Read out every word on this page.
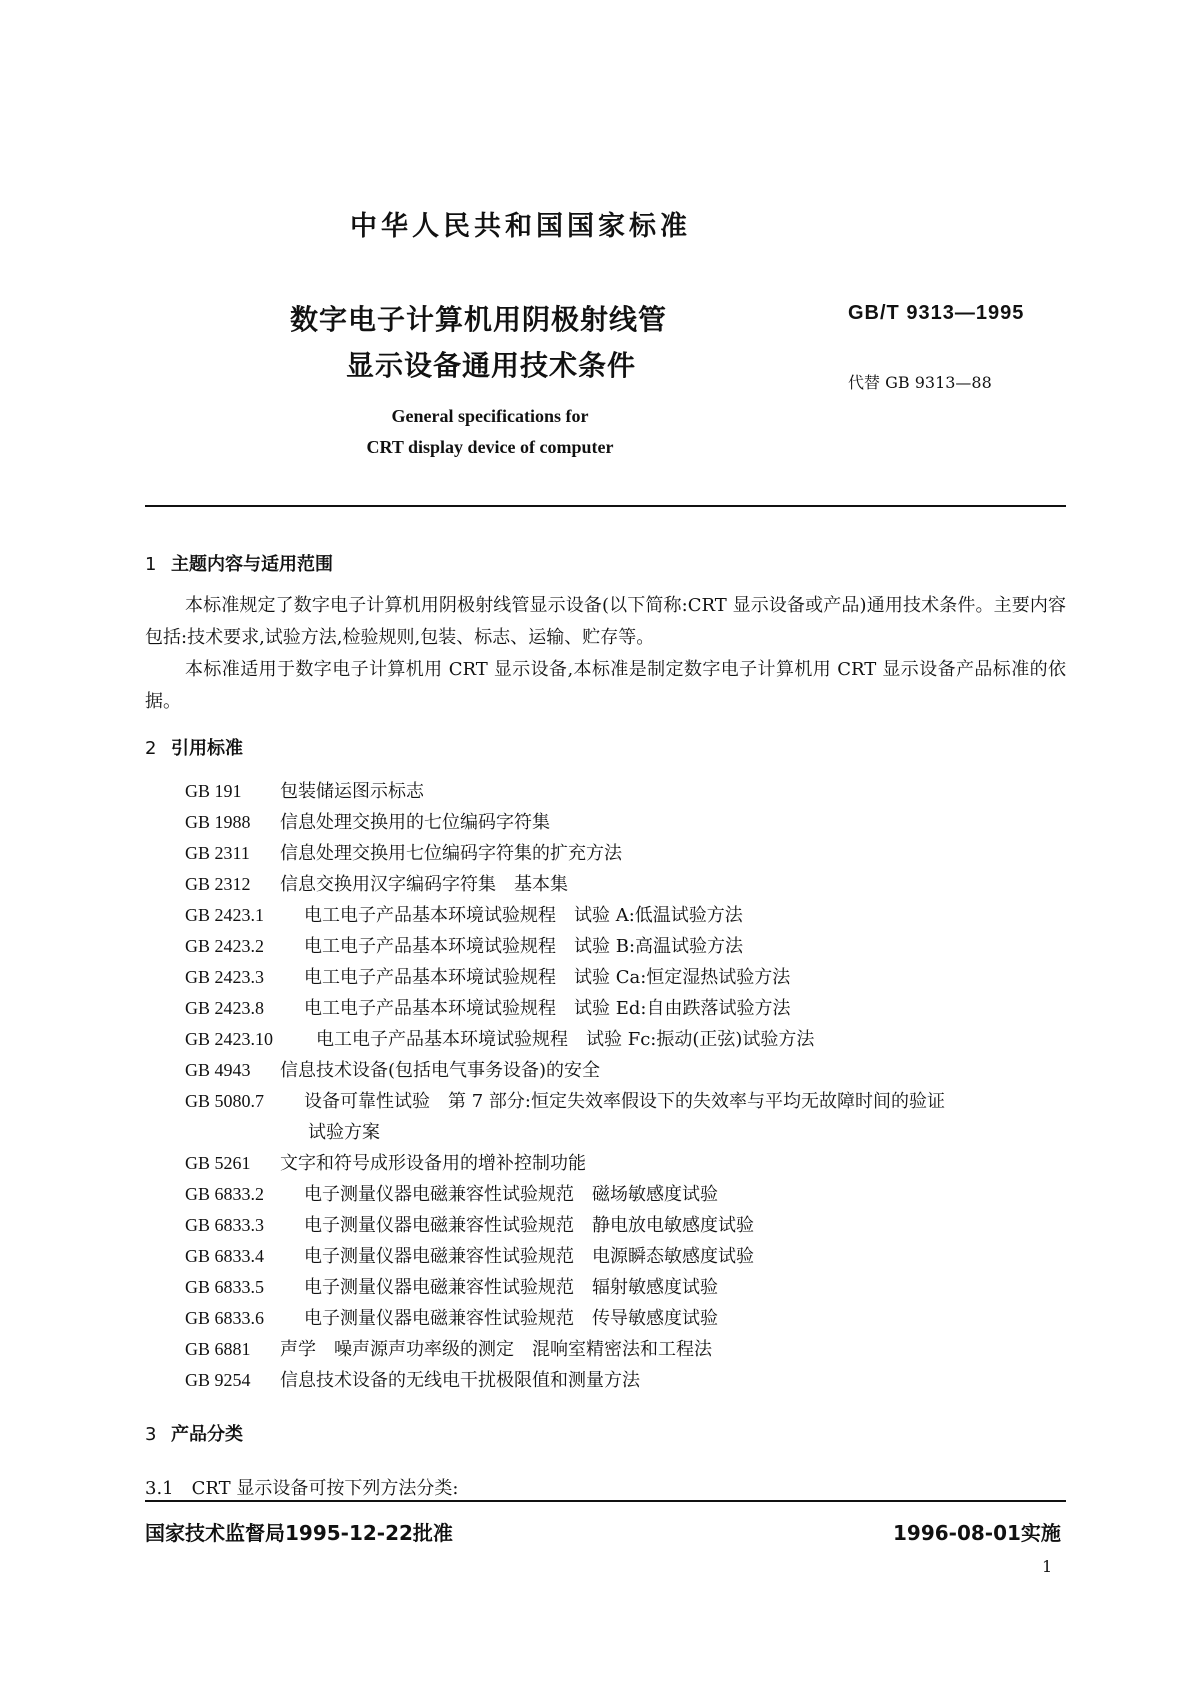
中华人民共和国国家标准
数字电子计算机用阴极射线管
显示设备通用技术条件
GB/T 9313—1995
代替 GB 9313—88
General specifications for
CRT display device of computer
1 主题内容与适用范围
本标准规定了数字电子计算机用阴极射线管显示设备(以下简称:CRT 显示设备或产品)通用技术条件。主要内容包括:技术要求,试验方法,检验规则,包装、标志、运输、贮存等。
本标准适用于数字电子计算机用 CRT 显示设备,本标准是制定数字电子计算机用 CRT 显示设备产品标准的依据。
2 引用标准
GB 191 包装储运图示标志
GB 1988 信息处理交换用的七位编码字符集
GB 2311 信息处理交换用七位编码字符集的扩充方法
GB 2312 信息交换用汉字编码字符集　基本集
GB 2423.1 电工电子产品基本环境试验规程　试验 A:低温试验方法
GB 2423.2 电工电子产品基本环境试验规程　试验 B:高温试验方法
GB 2423.3 电工电子产品基本环境试验规程　试验 Ca:恒定湿热试验方法
GB 2423.8 电工电子产品基本环境试验规程　试验 Ed:自由跌落试验方法
GB 2423.10 电工电子产品基本环境试验规程　试验 Fc:振动(正弦)试验方法
GB 4943 信息技术设备(包括电气事务设备)的安全
GB 5080.7 设备可靠性试验　第 7 部分:恒定失效率假设下的失效率与平均无故障时间的验证
试验方案
GB 5261 文字和符号成形设备用的增补控制功能
GB 6833.2 电子测量仪器电磁兼容性试验规范　磁场敏感度试验
GB 6833.3 电子测量仪器电磁兼容性试验规范　静电放电敏感度试验
GB 6833.4 电子测量仪器电磁兼容性试验规范　电源瞬态敏感度试验
GB 6833.5 电子测量仪器电磁兼容性试验规范　辐射敏感度试验
GB 6833.6 电子测量仪器电磁兼容性试验规范　传导敏感度试验
GB 6881 声学　噪声源声功率级的测定　混响室精密法和工程法
GB 9254 信息技术设备的无线电干扰极限值和测量方法
3 产品分类
3.1　CRT 显示设备可按下列方法分类:
国家技术监督局1995-12-22批准	1996-08-01实施
1
